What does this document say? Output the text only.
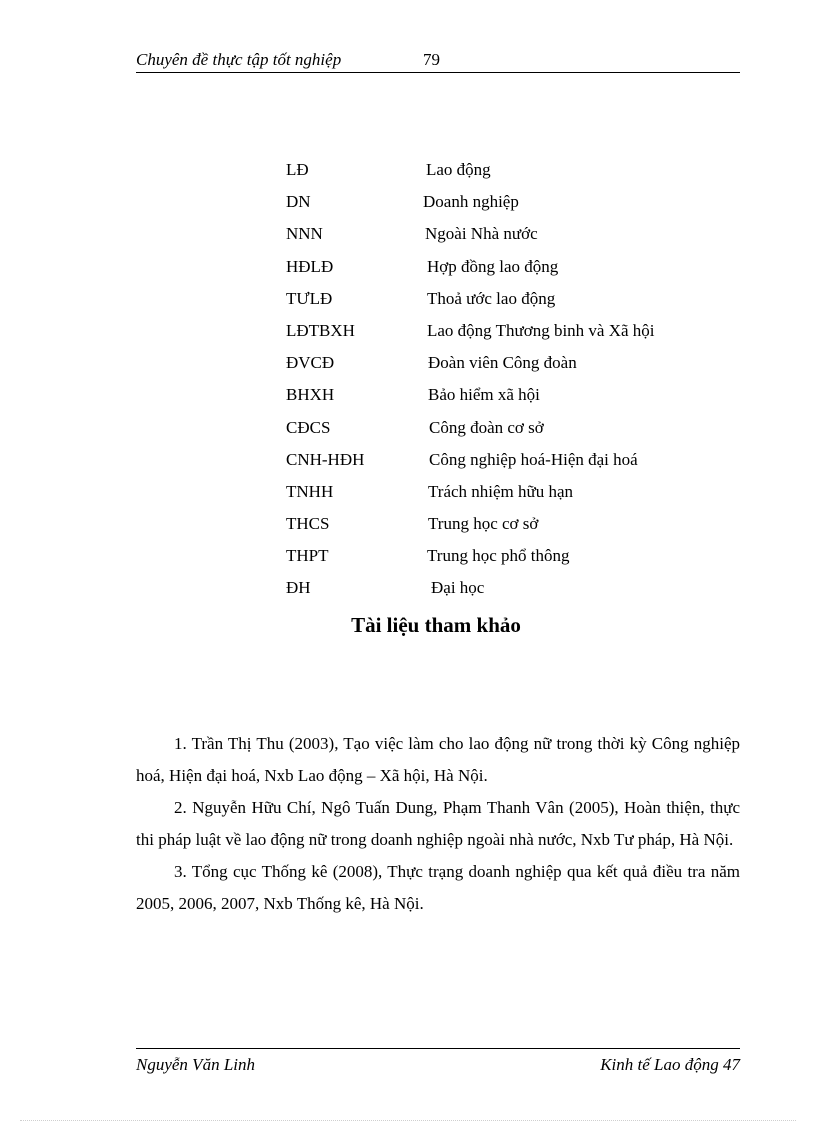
Chuyên đề thực tập tốt nghiệp	79
LĐ	Lao động
DN	Doanh nghiệp
NNN	Ngoài Nhà nước
HĐLĐ	Hợp đồng lao động
TƯLĐ	Thoả ước lao động
LĐTBXH	Lao động Thương binh và Xã hội
ĐVCĐ	Đoàn viên Công đoàn
BHXH	Bảo hiểm xã hội
CĐCS	Công đoàn cơ sở
CNH-HĐH	Công nghiệp hoá-Hiện đại hoá
TNHH	Trách nhiệm hữu hạn
THCS	Trung học cơ sở
THPT	Trung học phổ thông
ĐH	Đại học
Tài liệu tham khảo

1. Trần Thị Thu (2003), Tạo việc làm cho lao động nữ trong thời kỳ Công nghiệp hoá, Hiện đại hoá, Nxb Lao động – Xã hội, Hà Nội.

2. Nguyễn Hữu Chí, Ngô Tuấn Dung, Phạm Thanh Vân (2005), Hoàn thiện, thực thi pháp luật về lao động nữ trong doanh nghiệp ngoài nhà nước, Nxb Tư pháp, Hà Nội.

3. Tổng cục Thống kê (2008), Thực trạng doanh nghiệp qua kết quả điều tra năm 2005, 2006, 2007, Nxb Thống kê, Hà Nội.

Nguyễn Văn Linh	Kinh tế Lao động 47
